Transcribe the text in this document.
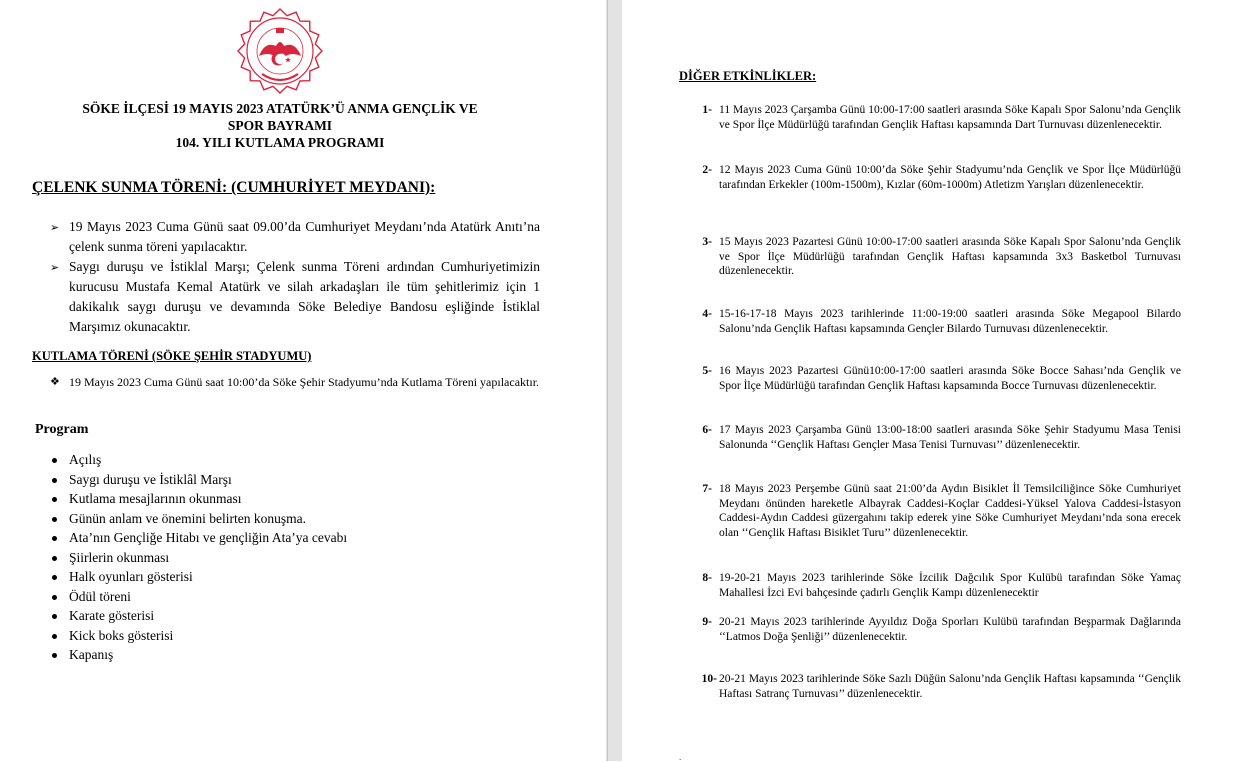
SÖKE İLÇESİ 19 MAYIS 2023 ATATÜRK’Ü ANMA GENÇLİK VE
SPOR BAYRAMI
104. YILI KUTLAMA PROGRAMI
ÇELENK SUNMA TÖRENİ: (CUMHURİYET MEYDANI):
➢ 19 Mayıs 2023 Cuma Günü saat 09.00’da Cumhuriyet Meydanı’nda Atatürk Anıtı’na çelenk sunma töreni yapılacaktır.
➢ Saygı duruşu ve İstiklal Marşı; Çelenk sunma Töreni ardından Cumhuriyetimizin kurucusu Mustafa Kemal Atatürk ve silah arkadaşları ile tüm şehitlerimiz için 1 dakikalık saygı duruşu ve devamında Söke Belediye Bandosu eşliğinde İstiklal Marşımız okunacaktır.
KUTLAMA TÖRENİ (SÖKE ŞEHİR STADYUMU)
❖ 19 Mayıs 2023 Cuma Günü saat 10:00’da Söke Şehir Stadyumu’nda Kutlama Töreni yapılacaktır.
Program
Açılış
Saygı duruşu ve İstiklâl Marşı
Kutlama mesajlarının okunması
Günün anlam ve önemini belirten konuşma.
Ata’nın Gençliğe Hitabı ve gençliğin Ata’ya cevabı
Şiirlerin okunması
Halk oyunları gösterisi
Ödül töreni
Karate gösterisi
Kick boks gösterisi
Kapanış
DİĞER ETKİNLİKLER:
1- 11 Mayıs 2023 Çarşamba Günü 10:00-17:00 saatleri arasında Söke Kapalı Spor Salonu’nda Gençlik ve Spor İlçe Müdürlüğü tarafından Gençlik Haftası kapsamında Dart Turnuvası düzenlenecektir.
2- 12 Mayıs 2023 Cuma Günü 10:00’da Söke Şehir Stadyumu’nda Gençlik ve Spor İlçe Müdürlüğü tarafından Erkekler (100m-1500m), Kızlar (60m-1000m) Atletizm Yarışları düzenlenecektir.
3- 15 Mayıs 2023 Pazartesi Günü 10:00-17:00 saatleri arasında Söke Kapalı Spor Salonu’nda Gençlik ve Spor İlçe Müdürlüğü tarafından Gençlik Haftası kapsamında 3x3 Basketbol Turnuvası düzenlenecektir.
4- 15-16-17-18 Mayıs 2023 tarihlerinde 11:00-19:00 saatleri arasında Söke Megapool Bilardo Salonu’nda Gençlik Haftası kapsamında Gençler Bilardo Turnuvası düzenlenecektir.
5- 16 Mayıs 2023 Pazartesi Günü10:00-17:00 saatleri arasında Söke Bocce Sahası’nda Gençlik ve Spor İlçe Müdürlüğü tarafından Gençlik Haftası kapsamında Bocce Turnuvası düzenlenecektir.
6- 17 Mayıs 2023 Çarşamba Günü 13:00-18:00 saatleri arasında Söke Şehir Stadyumu Masa Tenisi Salonunda ‘‘Gençlik Haftası Gençler Masa Tenisi Turnuvası’’ düzenlenecektir.
7- 18 Mayıs 2023 Perşembe Günü saat 21:00’da Aydın Bisiklet İl Temsilciliğince Söke Cumhuriyet Meydanı önünden hareketle Albayrak Caddesi-Koçlar Caddesi-Yüksel Yalova Caddesi-İstasyon Caddesi-Aydın Caddesi güzergahını takip ederek yine Söke Cumhuriyet Meydanı’nda sona erecek olan ‘‘Gençlik Haftası Bisiklet Turu’’ düzenlenecektir.
8- 19-20-21 Mayıs 2023 tarihlerinde Söke İzcilik Dağcılık Spor Kulübü tarafından Söke Yamaç Mahallesi İzci Evi bahçesinde çadırlı Gençlik Kampı düzenlenecektir
9- 20-21 Mayıs 2023 tarihlerinde Ayyıldız Doğa Sporları Kulübü tarafından Beşparmak Dağlarında ‘‘Latmos Doğa Şenliği’’ düzenlenecektir.
10- 20-21 Mayıs 2023 tarihlerinde Söke Sazlı Düğün Salonu’nda Gençlik Haftası kapsamında ‘‘Gençlik Haftası Satranç Turnuvası’’ düzenlenecektir.
.
